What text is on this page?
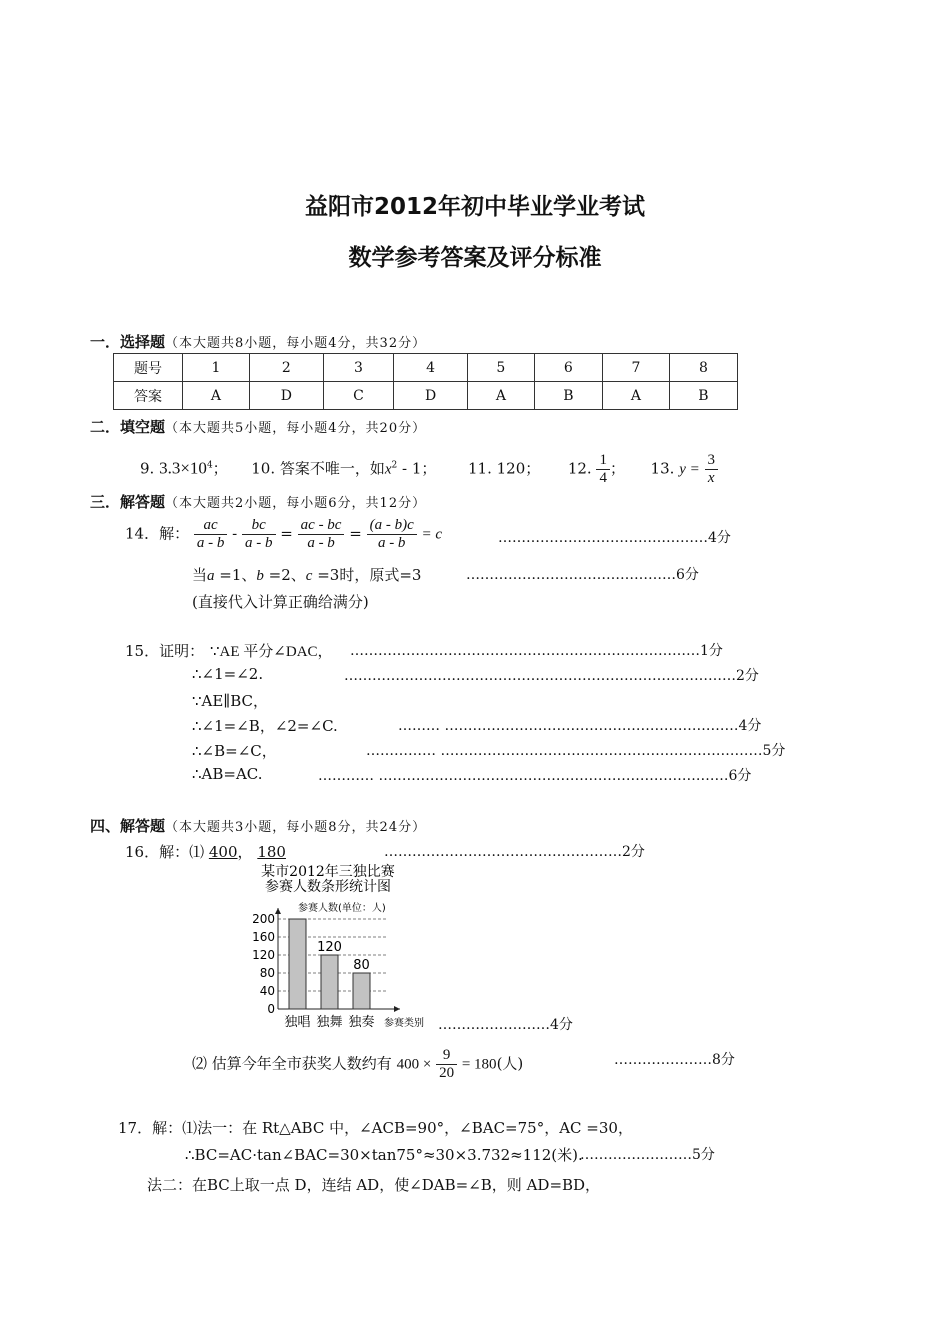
益阳市2012年初中毕业学业考试
数学参考答案及评分标准
一．选择题（本大题共8小题，每小题4分，共32分）
题号	1	2	3	4	5	6	7	8
答案	A	D	C	D	A	B	A	B
二．填空题（本大题共5小题，每小题4分，共20分）
9. $3.3\times 10^4$； 10. 答案不唯一，如$x^2 - 1$； 11. 120； 12. $\frac{1}{4}$ ； 13. $y = \frac{3}{x}$
三．解答题（本大题共2小题，每小题6分，共12分）
14．解： $\frac{ac}{a - b} - \frac{bc}{a - b} = \frac{ac - bc}{a - b} = \frac{(a - b)c}{a - b} = c$	………………………………………4分
当a =1、b =2、c =3时，原式=3	………………………………………6分
(直接代入计算正确给满分)
15．证明： ∵AE 平分∠DAC， …………………………………………………………………1分
∴∠1=∠2.	…………………………………………………………………………2分
∵AE∥BC，
∴∠1=∠B，∠2=∠C.	……… ………………………………………………………4分
∴∠B=∠C，	…………… ……………………………………………………………5分
∴AB=AC.	………… …………………………………………………………………6分
四、解答题（本大题共3小题，每小题8分，共24分）
16．解：⑴ 400， 180	……………………………………………2分
某市2012年三独比赛
参赛人数条形统计图
参赛人数(单位：人)
参赛类别
0
40
80
120
160
200
独唱
120
独舞
80
独奏	……………………4分
⑵ 估算今年全市获奖人数约有 $400 \times \frac{9}{20} = 180$(人)	…………………8分
17．解：⑴法一：在 Rt△ABC 中，∠ACB=90°，∠BAC=75°，AC =30，
∴BC=AC·tan∠BAC=30×tan75°≈30×3.732≈112(米).
……………………5分
法二：在BC上取一点 D，连结 AD，使∠DAB=∠B，则 AD=BD，
